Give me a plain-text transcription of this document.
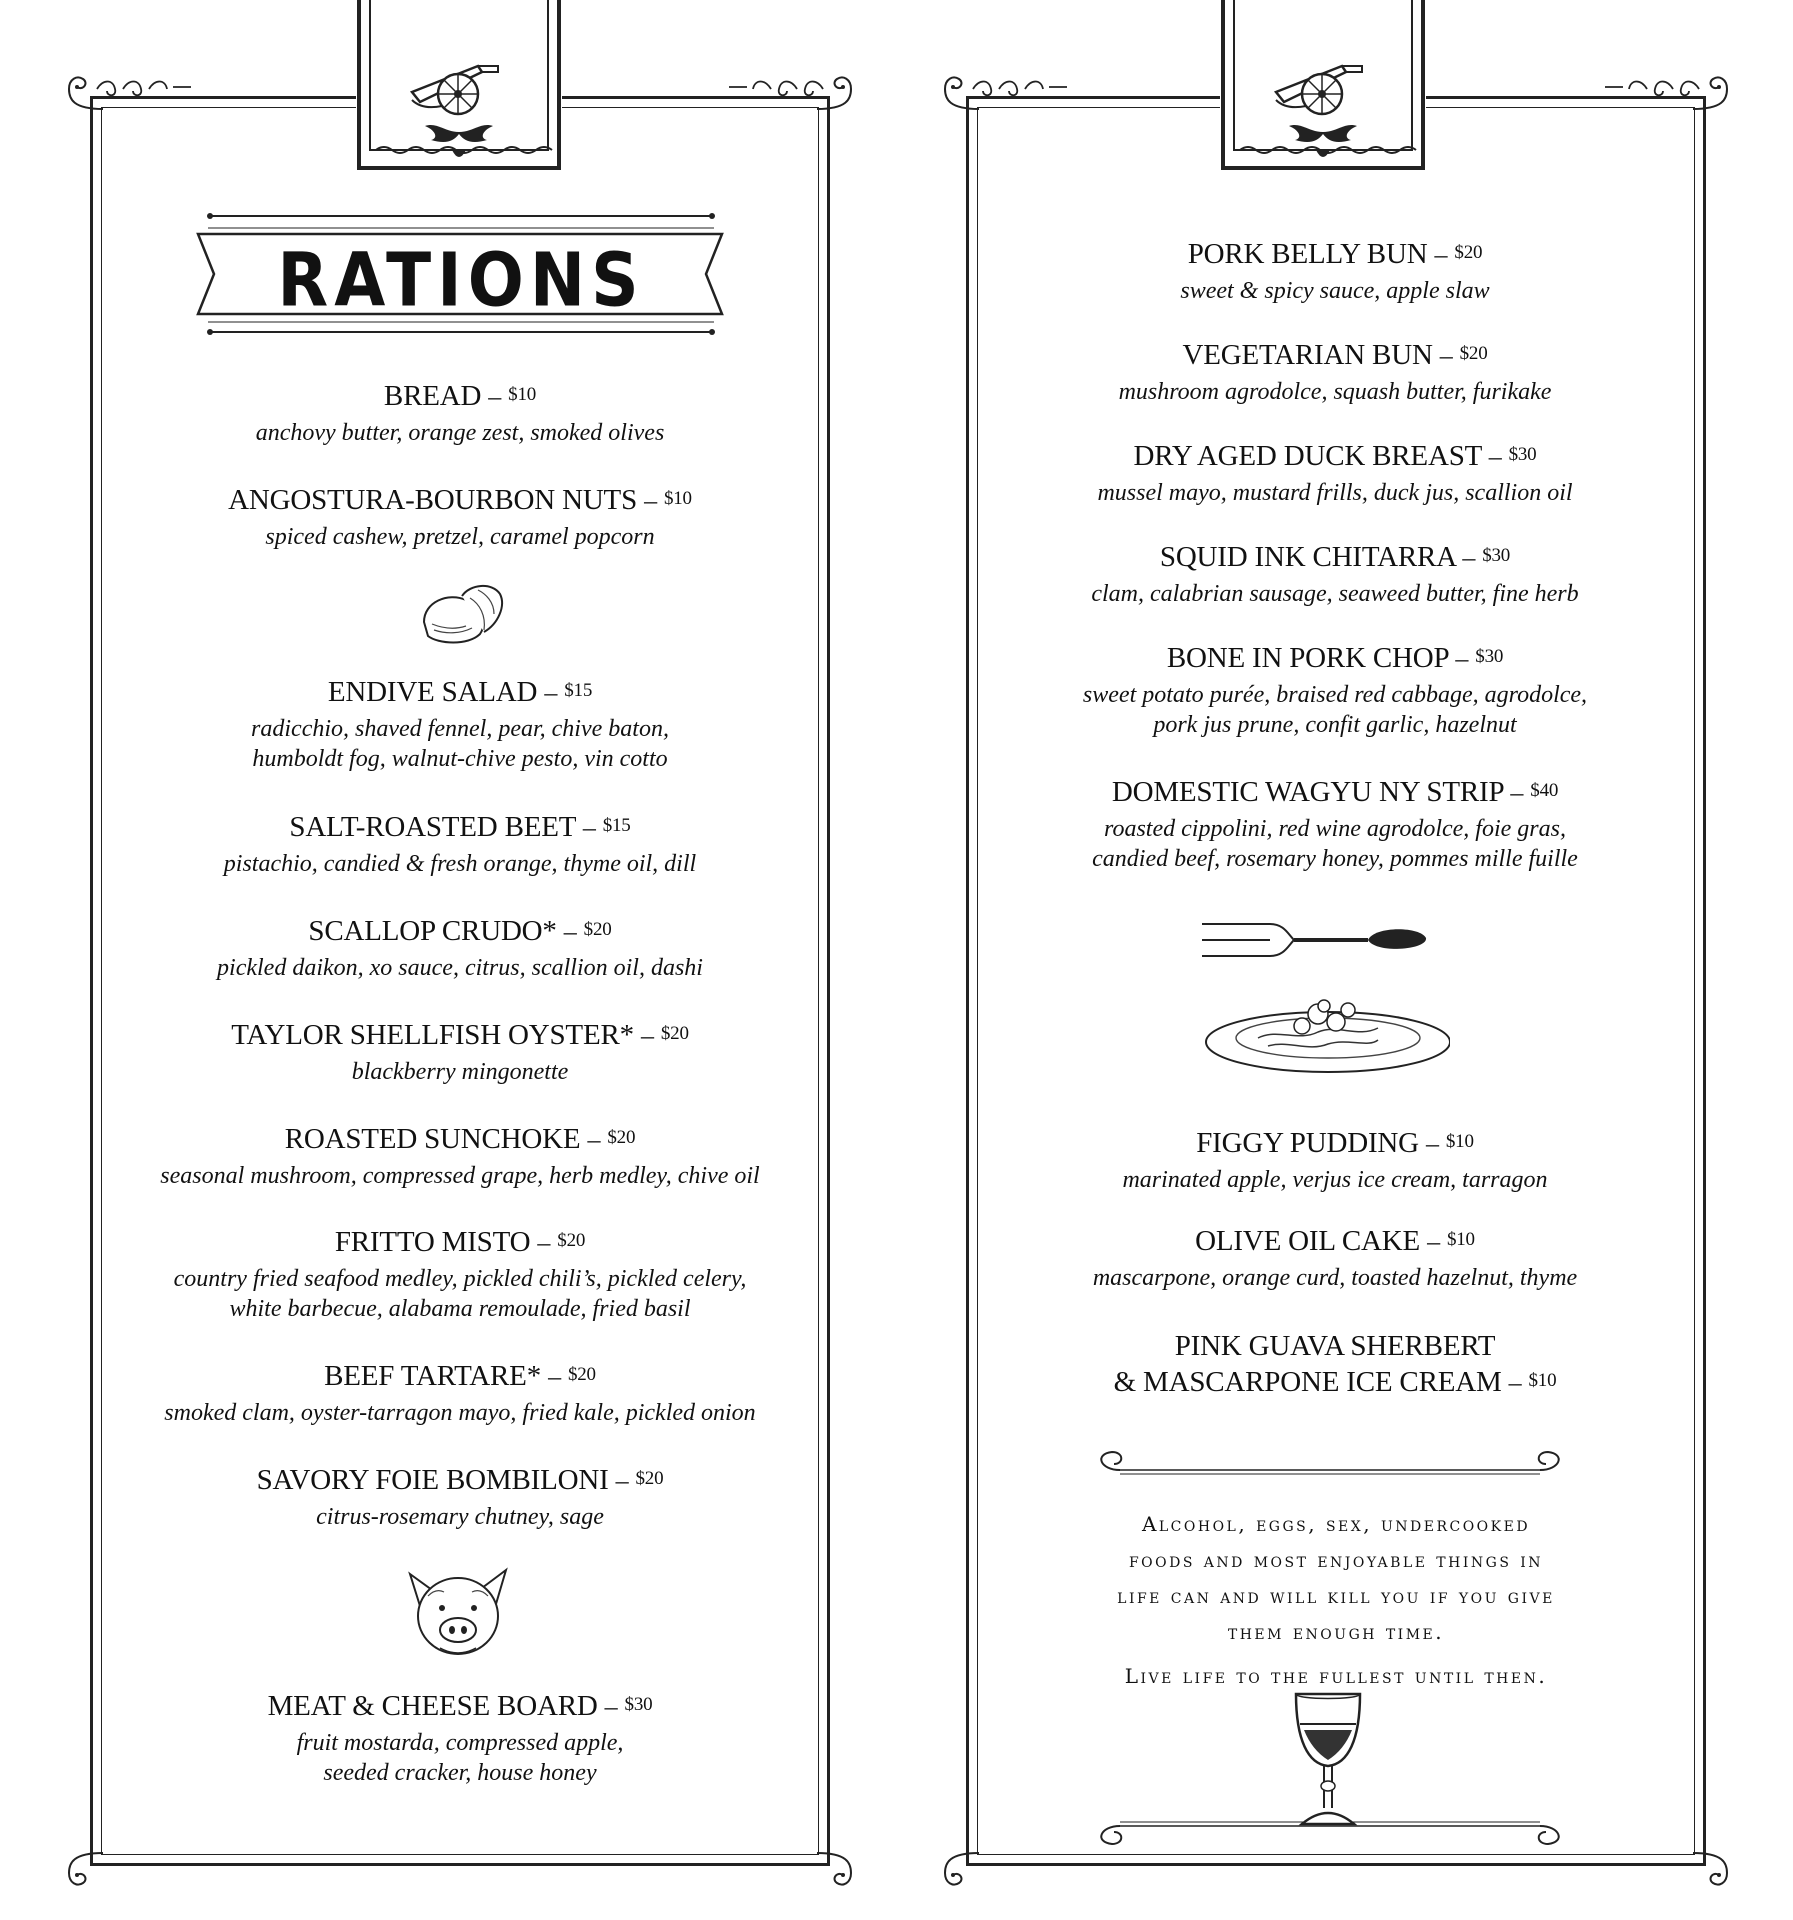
RATIONS
BREAD – $10
anchovy butter, orange zest, smoked olives
ANGOSTURA-BOURBON NUTS – $10
spiced cashew, pretzel, caramel popcorn
ENDIVE SALAD – $15
radicchio, shaved fennel, pear, chive baton,
humboldt fog, walnut-chive pesto, vin cotto
SALT-ROASTED BEET – $15
pistachio, candied & fresh orange, thyme oil, dill
SCALLOP CRUDO* – $20
pickled daikon, xo sauce, citrus, scallion oil, dashi
TAYLOR SHELLFISH OYSTER* – $20
blackberry mingonette
ROASTED SUNCHOKE – $20
seasonal mushroom, compressed grape, herb medley, chive oil
FRITTO MISTO – $20
country fried seafood medley, pickled chili’s, pickled celery,
white barbecue, alabama remoulade, fried basil
BEEF TARTARE* – $20
smoked clam, oyster-tarragon mayo, fried kale, pickled onion
SAVORY FOIE BOMBILONI – $20
citrus-rosemary chutney, sage
MEAT & CHEESE BOARD – $30
fruit mostarda, compressed apple,
seeded cracker, house honey
PORK BELLY BUN – $20
sweet & spicy sauce, apple slaw
VEGETARIAN BUN – $20
mushroom agrodolce, squash butter, furikake
DRY AGED DUCK BREAST – $30
mussel mayo, mustard frills, duck jus, scallion oil
SQUID INK CHITARRA – $30
clam, calabrian sausage, seaweed butter, fine herb
BONE IN PORK CHOP – $30
sweet potato purée, braised red cabbage, agrodolce,
pork jus prune, confit garlic, hazelnut
DOMESTIC WAGYU NY STRIP – $40
roasted cippolini, red wine agrodolce, foie gras,
candied beef, rosemary honey, pommes mille fuille
FIGGY PUDDING – $10
marinated apple, verjus ice cream, tarragon
OLIVE OIL CAKE – $10
mascarpone, orange curd, toasted hazelnut, thyme
PINK GUAVA SHERBERT
& MASCARPONE ICE CREAM – $10
Alcohol, eggs, sex, undercooked
foods and most enjoyable things in
life can and will kill you if you give
them enough time.
Live life to the fullest until then.
